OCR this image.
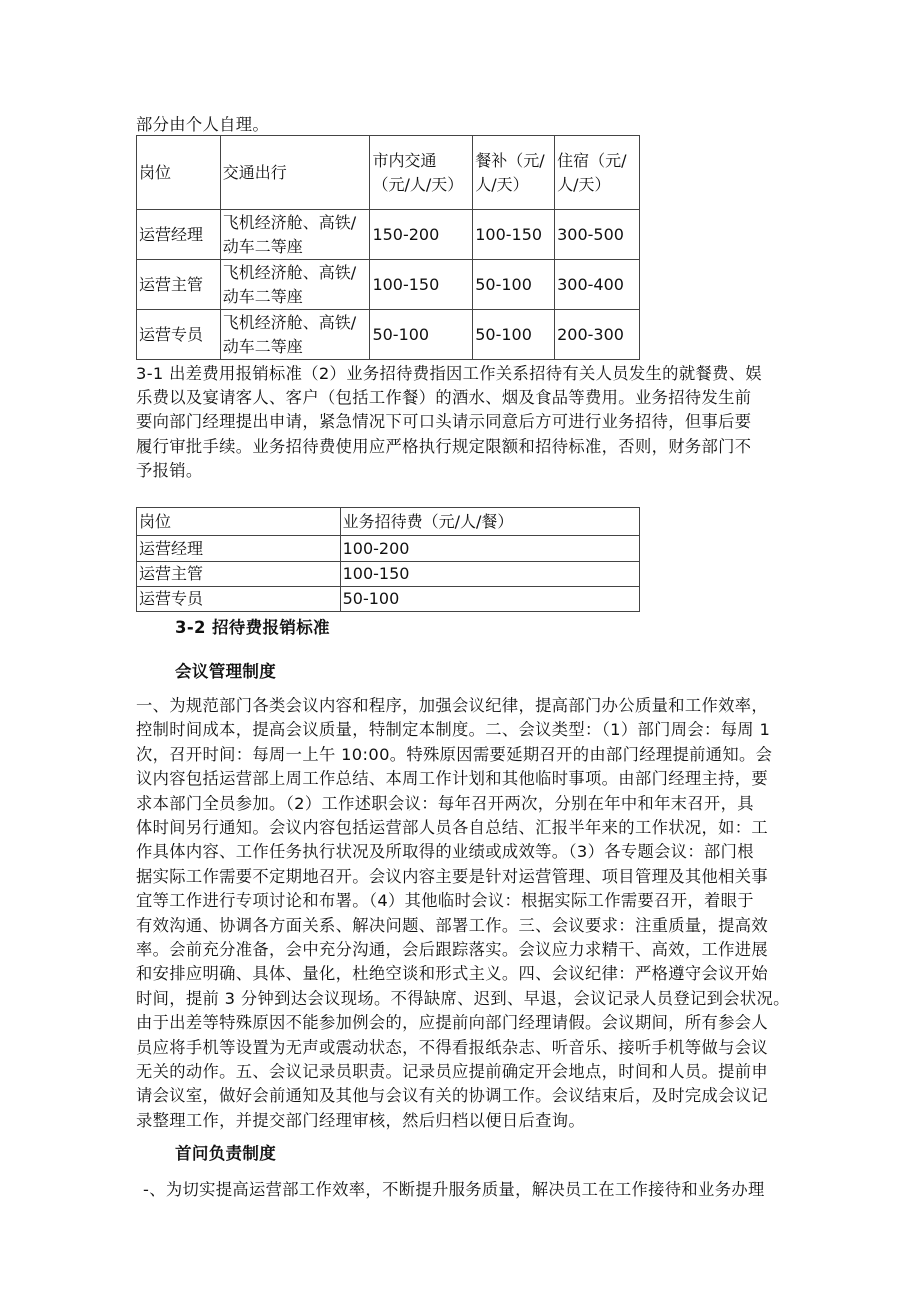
部分由个人自理。
岗位	交通出行	市内交通（元/人/天）	餐补（元/人/天）	住宿（元/人/天）
运营经理	飞机经济舱、高铁/动车二等座	150-200	100-150	300-500
运营主管	飞机经济舱、高铁/动车二等座	100-150	50-100	300-400
运营专员	飞机经济舱、高铁/动车二等座	50-100	50-100	200-300
3-1 出差费用报销标准（2）业务招待费指因工作关系招待有关人员发生的就餐费、娱
乐费以及宴请客人、客户（包括工作餐）的酒水、烟及食品等费用。业务招待发生前
要向部门经理提出申请，紧急情况下可口头请示同意后方可进行业务招待，但事后要
履行审批手续。业务招待费使用应严格执行规定限额和招待标准，否则，财务部门不
予报销。
岗位	业务招待费（元/人/餐）
运营经理	100-200
运营主管	100-150
运营专员	50-100
3-2 招待费报销标准
会议管理制度
一、为规范部门各类会议内容和程序，加强会议纪律，提高部门办公质量和工作效率，
控制时间成本，提高会议质量，特制定本制度。二、会议类型：（1）部门周会：每周 1
次，召开时间：每周一上午 10:00。特殊原因需要延期召开的由部门经理提前通知。会
议内容包括运营部上周工作总结、本周工作计划和其他临时事项。由部门经理主持，要
求本部门全员参加。（2）工作述职会议：每年召开两次，分别在年中和年末召开，具
体时间另行通知。会议内容包括运营部人员各自总结、汇报半年来的工作状况，如：工
作具体内容、工作任务执行状况及所取得的业绩或成效等。（3）各专题会议：部门根
据实际工作需要不定期地召开。会议内容主要是针对运营管理、项目管理及其他相关事
宜等工作进行专项讨论和布署。（4）其他临时会议：根据实际工作需要召开，着眼于
有效沟通、协调各方面关系、解决问题、部署工作。三、会议要求：注重质量，提高效
率。会前充分准备，会中充分沟通，会后跟踪落实。会议应力求精干、高效，工作进展
和安排应明确、具体、量化，杜绝空谈和形式主义。四、会议纪律：严格遵守会议开始
时间，提前 3 分钟到达会议现场。不得缺席、迟到、早退，会议记录人员登记到会状况。
由于出差等特殊原因不能参加例会的，应提前向部门经理请假。会议期间，所有参会人
员应将手机等设置为无声或震动状态，不得看报纸杂志、听音乐、接听手机等做与会议
无关的动作。五、会议记录员职责。记录员应提前确定开会地点，时间和人员。提前申
请会议室，做好会前通知及其他与会议有关的协调工作。会议结束后，及时完成会议记
录整理工作，并提交部门经理审核，然后归档以便日后查询。
首问负责制度
-、为切实提高运营部工作效率，不断提升服务质量，解决员工在工作接待和业务办理
